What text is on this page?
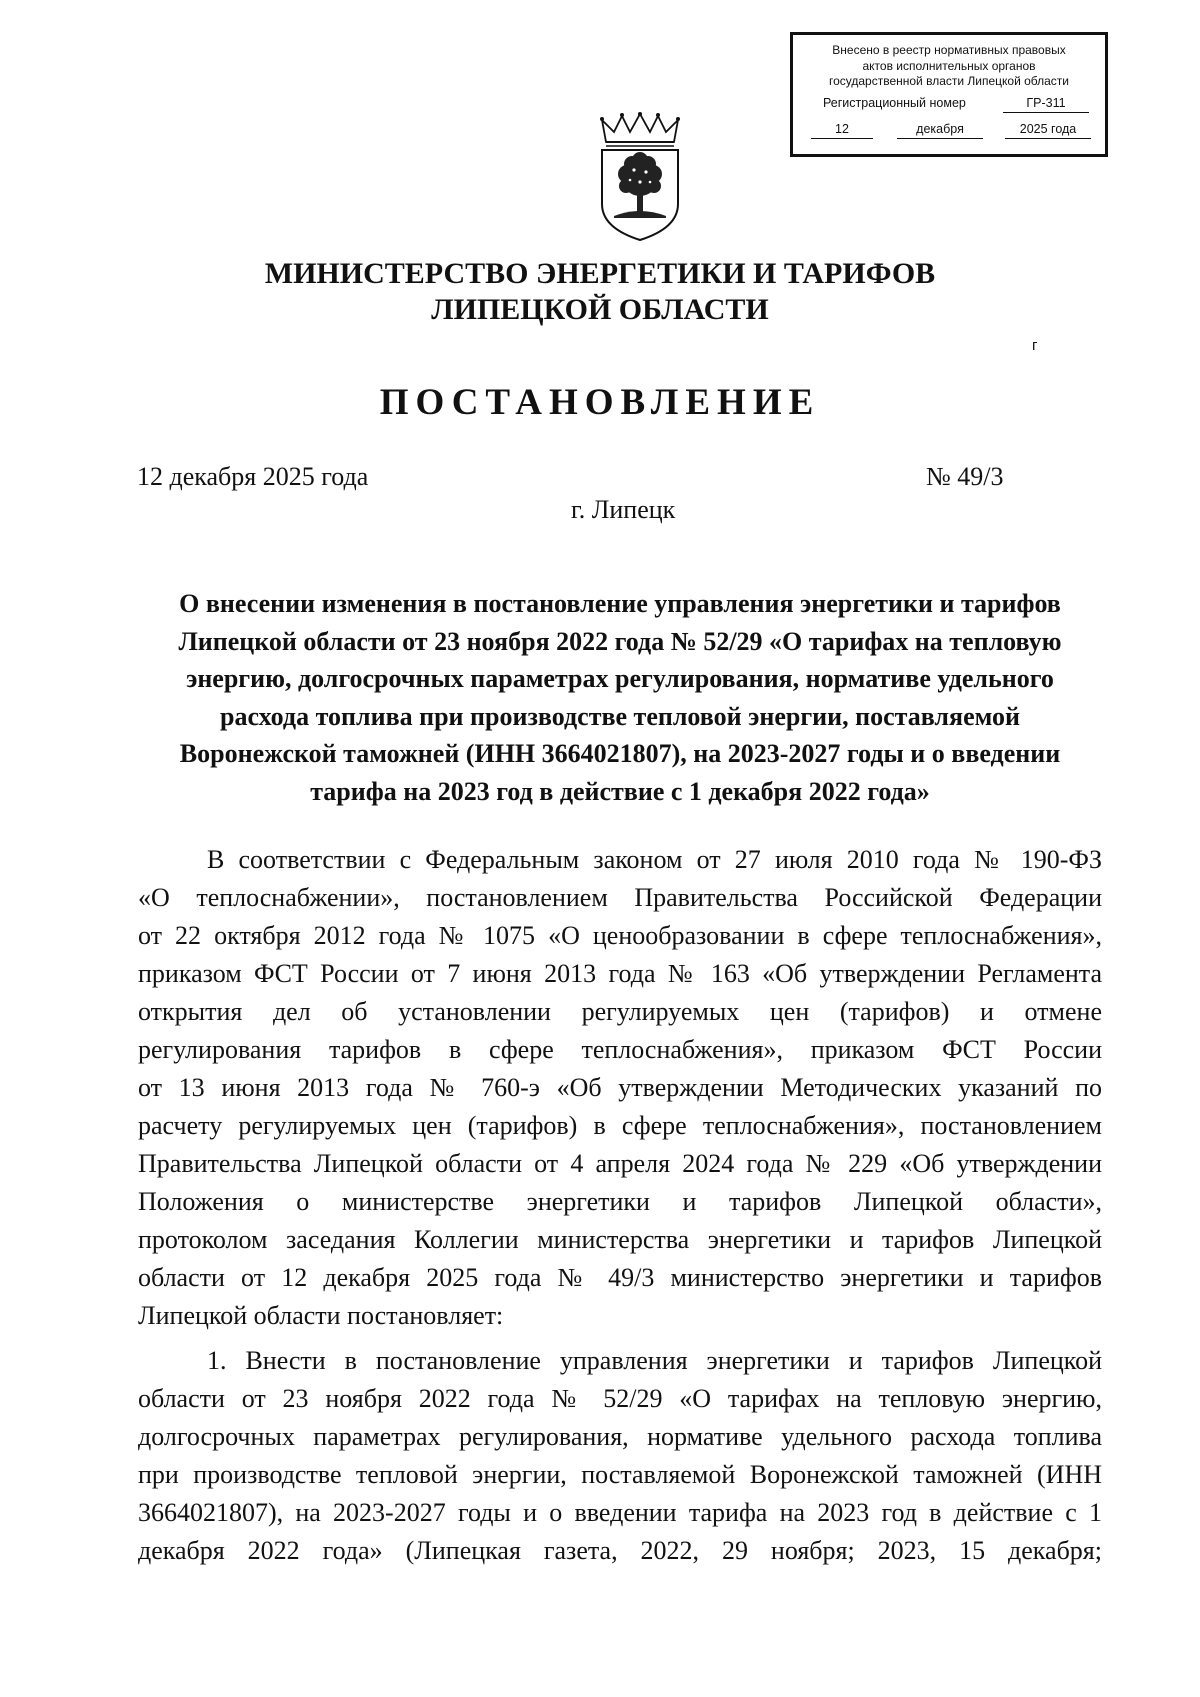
Внесено в реестр нормативных правовых
актов исполнительных органов
государственной власти Липецкой области
Регистрационный номер	ГР-311
12	декабря	2025 года
МИНИСТЕРСТВО ЭНЕРГЕТИКИ И ТАРИФОВ
ЛИПЕЦКОЙ ОБЛАСТИ
г
ПОСТАНОВЛЕНИЕ
12 декабря 2025 года	№ 49/3
г. Липецк
О внесении изменения в постановление управления энергетики и тарифов
Липецкой области от 23 ноября 2022 года № 52/29 «О тарифах на тепловую
энергию, долгосрочных параметрах регулирования, нормативе удельного
расхода топлива при производстве тепловой энергии, поставляемой
Воронежской таможней (ИНН 3664021807), на 2023-2027 годы и о введении
тарифа на 2023 год в действие с 1 декабря 2022 года»
В соответствии с Федеральным законом от 27 июля 2010 года № 190-ФЗ
«О теплоснабжении», постановлением Правительства Российской Федерации
от 22 октября 2012 года № 1075 «О ценообразовании в сфере теплоснабжения»,
приказом ФСТ России от 7 июня 2013 года № 163 «Об утверждении Регламента
открытия дел об установлении регулируемых цен (тарифов) и отмене
регулирования тарифов в сфере теплоснабжения», приказом ФСТ России
от 13 июня 2013 года № 760-э «Об утверждении Методических указаний по
расчету регулируемых цен (тарифов) в сфере теплоснабжения», постановлением
Правительства Липецкой области от 4 апреля 2024 года № 229 «Об утверждении
Положения о министерстве энергетики и тарифов Липецкой области»,
протоколом заседания Коллегии министерства энергетики и тарифов Липецкой
области от 12 декабря 2025 года № 49/3 министерство энергетики и тарифов
Липецкой области постановляет:
1. Внести в постановление управления энергетики и тарифов Липецкой
области от 23 ноября 2022 года № 52/29 «О тарифах на тепловую энергию,
долгосрочных параметрах регулирования, нормативе удельного расхода топлива
при производстве тепловой энергии, поставляемой Воронежской таможней (ИНН
3664021807), на 2023-2027 годы и о введении тарифа на 2023 год в действие с 1
декабря 2022 года» (Липецкая газета, 2022, 29 ноября; 2023, 15 декабря;
